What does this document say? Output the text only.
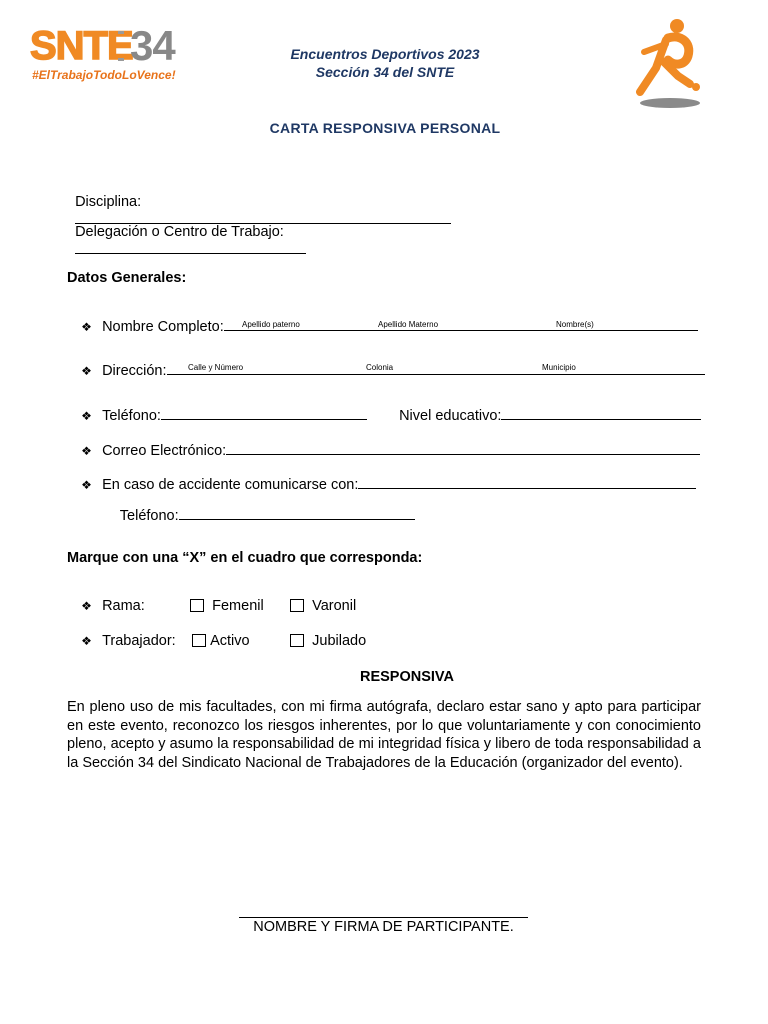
SNTE
34
#ElTrabajoTodoLoVence!
Encuentros Deportivos 2023
Sección 34 del SNTE
CARTA RESPONSIVA PERSONAL

Disciplina:

Delegación o Centro de Trabajo:

Datos Generales:

❖ Nombre Completo:	Apellido paterno	Apellido Materno	Nombre(s)

❖ Dirección:	Calle y Número	Colonia	Municipio

❖ Teléfono:	Nivel educativo:

❖ Correo Electrónico:

❖ En caso de accidente comunicarse con:

Teléfono:

Marque con una “X” en el cuadro que corresponda:

❖ Rama:	Femenil	Varonil

❖ Trabajador:	Activo	Jubilado

RESPONSIVA
En pleno uso de mis facultades, con mi firma autógrafa, declaro estar sano y apto para participar en este evento, reconozco los riesgos inherentes, por lo que voluntariamente y con conocimiento pleno, acepto y asumo la responsabilidad de mi integridad física y libero de toda responsabilidad a la Sección 34 del Sindicato Nacional de Trabajadores de la Educación (organizador del evento).
NOMBRE Y FIRMA DE PARTICIPANTE.
